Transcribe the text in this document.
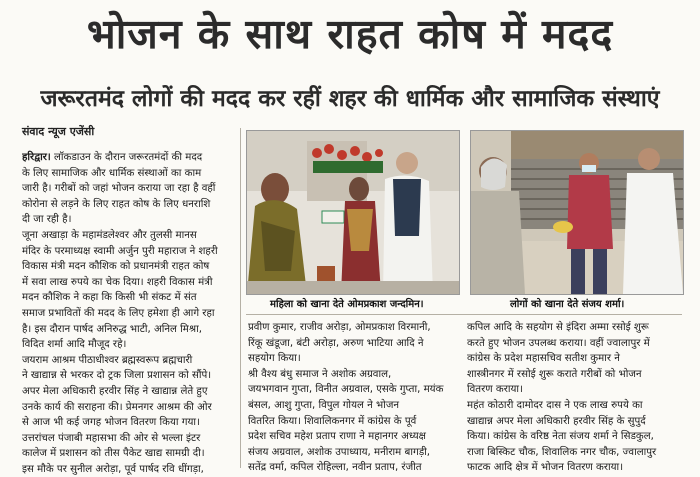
भोजन के साथ राहत कोष में मदद
जरूरतमंद लोगों की मदद कर रहीं शहर की धार्मिक और सामाजिक संस्थाएं
संवाद न्यूज एजेंसी

हरिद्वार। लॉकडाउन के दौरान जरूरतमंदों की मदद

के लिए सामाजिक और धार्मिक संस्थाओं का काम

जारी है। गरीबों को जहां भोजन कराया जा रहा है वहीं

कोरोना से लड़ने के लिए राहत कोष के लिए धनराशि

दी जा रही है।

जूना अखाड़ा के महामंडलेश्वर और तुलसी मानस

मंदिर के परमाध्यक्ष स्वामी अर्जुन पुरी महाराज ने शहरी

विकास मंत्री मदन कौशिक को प्रधानमंत्री राहत कोष

में सवा लाख रुपये का चेक दिया। शहरी विकास मंत्री

मदन कौशिक ने कहा कि किसी भी संकट में संत

समाज प्रभावितों की मदद के लिए हमेशा ही आगे रहा

है। इस दौरान पार्षद अनिरुद्ध भाटी, अनिल मिश्रा,

विदित शर्मा आदि मौजूद रहे।

जयराम आश्रम पीठाधीश्वर ब्रह्मस्वरूप ब्रह्मचारी

ने खाद्यान्न से भरकर दो ट्रक जिला प्रशासन को सौंपे।

अपर मेला अधिकारी हरवीर सिंह ने खाद्यान्न लेते हुए

उनके कार्य की सराहना की। प्रेमनगर आश्रम की ओर

से आज भी कई जगह भोजन वितरण किया गया।

उत्तरांचल पंजाबी महासभा की ओर से भल्ला इंटर

कालेज में प्रशासन को तीस पैकेट खाद्य सामग्री दी।

इस मौके पर सुनील अरोड़ा, पूर्व पार्षद रवि धींगड़ा,

महिला को खाना देते ओमप्रकाश जन्दमिन।	लोगों को खाना देते संजय शर्मा।

प्रवीण कुमार, राजीव अरोड़ा, ओमप्रकाश विरमानी,

रिंकू खंडूजा, बंटी अरोड़ा, अरुण भाटिया आदि ने

सहयोग किया।

श्री वैश्य बंधु समाज ने अशोक अग्रवाल,

जयभगवान गुप्ता, विनीत अग्रवाल, एसके गुप्ता, मयंक

बंसल, आशु गुप्ता, विपुल गोयल ने भोजन

वितरित किया। शिवालिकनगर में कांग्रेस के पूर्व

प्रदेश सचिव महेश प्रताप राणा ने महानगर अध्यक्ष

संजय अग्रवाल, अशोक उपाध्याय, मनीराम बागड़ी,

सतेंद्र वर्मा, कपिल रोहिल्ला, नवीन प्रताप, रंजीत

कपिल आदि के सहयोग से इंदिरा अम्मा रसोई शुरू

करते हुए भोजन उपलब्ध कराया। वहीं ज्वालापुर में

कांग्रेस के प्रदेश महासचिव सतीश कुमार ने

शास्त्रीनगर में रसोई शुरू कराते गरीबों को भोजन

वितरण कराया।

महंत कोठारी दामोदर दास ने एक लाख रुपये का

खाद्यान्न अपर मेला अधिकारी हरवीर सिंह के सुपुर्द

किया। कांग्रेस के वरिष्ठ नेता संजय शर्मा ने सिडकुल,

राजा बिस्किट चौक, शिवालिक नगर चौक, ज्वालापुर

फाटक आदि क्षेत्र में भोजन वितरण कराया।
